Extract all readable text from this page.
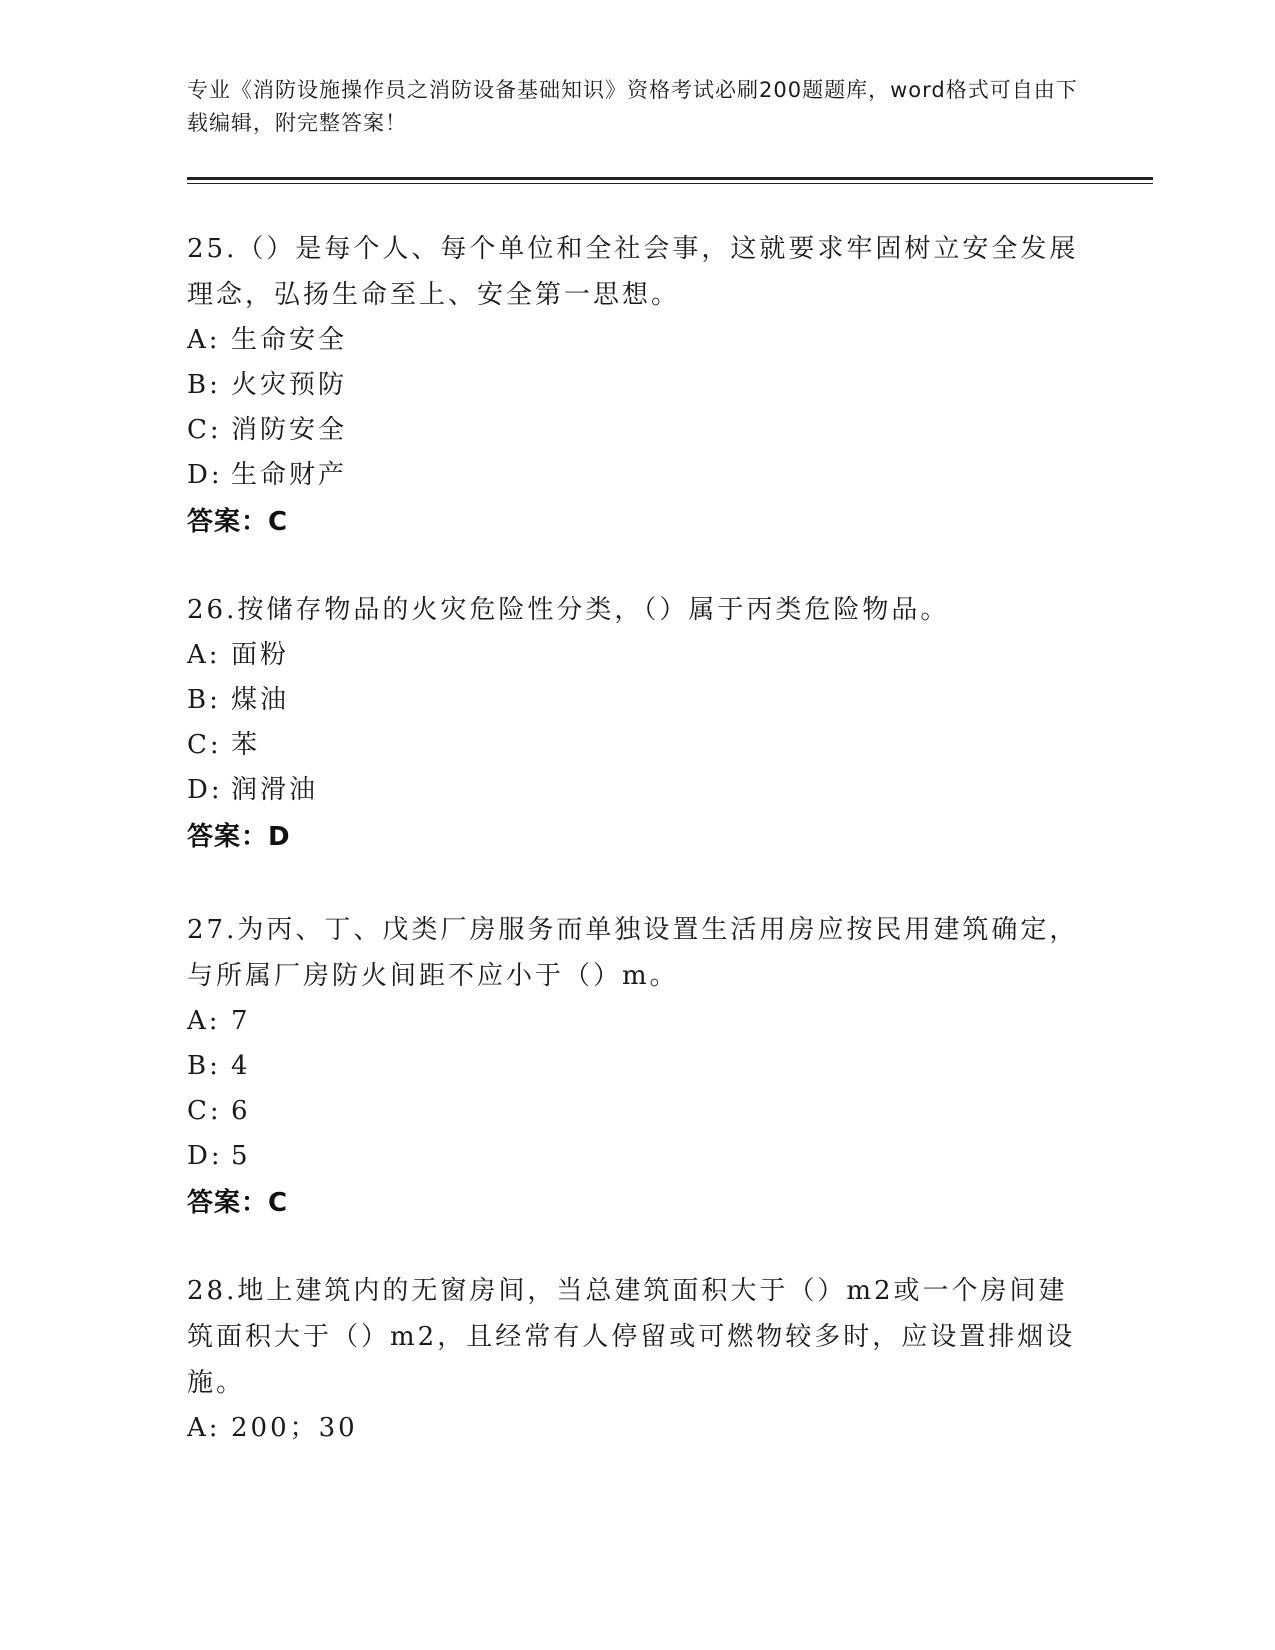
专业《消防设施操作员之消防设备基础知识》资格考试必刷200题题库，word格式可自由下载编辑，附完整答案！

25.（）是每个人、每个单位和全社会事，这就要求牢固树立安全发展理念，弘扬生命至上、安全第一思想。

A: 生命安全
B: 火灾预防
C: 消防安全
D: 生命财产
答案：C

26.按储存物品的火灾危险性分类，（）属于丙类危险物品。

A: 面粉
B: 煤油
C: 苯
D: 润滑油
答案：D

27.为丙、丁、戊类厂房服务而单独设置生活用房应按民用建筑确定，与所属厂房防火间距不应小于（）m。

A: 7
B: 4
C: 6
D: 5
答案：C

28.地上建筑内的无窗房间，当总建筑面积大于（）m2或一个房间建筑面积大于（）m2，且经常有人停留或可燃物较多时，应设置排烟设施。

A: 200；30
